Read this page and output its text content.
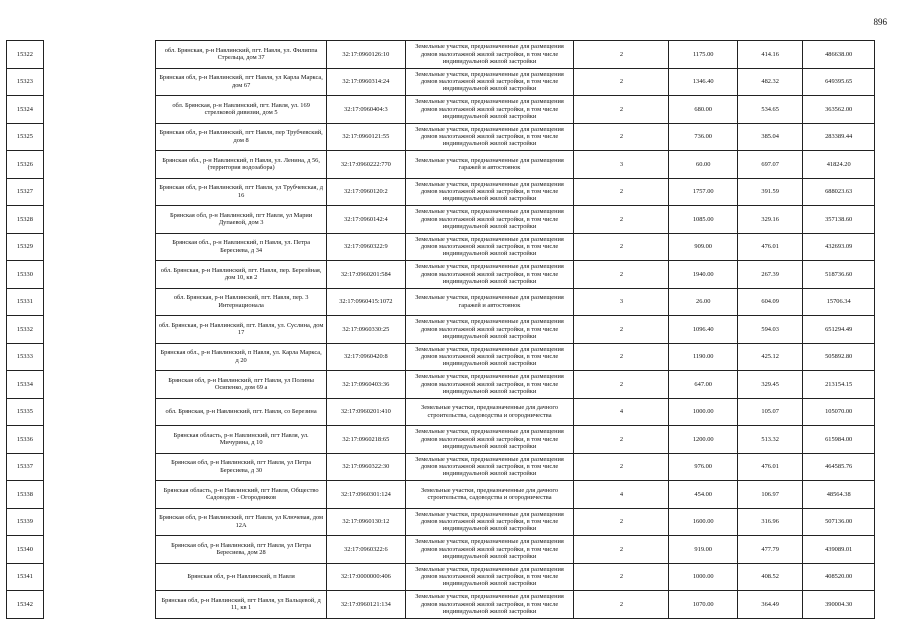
896
15322		обл. Брянская, р-н Навлинский, пгт. Навля, ул. Филиппа Стрельца, дом 37	32:17:0960126:10	Земельные участки, предназначенные для размещения домов малоэтажной жилой застройки, в том числе индивидуальной жилой застройки	2	1175.00	414.16	486638.00
15323		Брянская обл, р-н Навлинский, пгт Навля, ул Карла Маркса, дом 67	32:17:0960314:24	Земельные участки, предназначенные для размещения домов малоэтажной жилой застройки, в том числе индивидуальной жилой застройки	2	1346.40	482.32	649395.65
15324		обл. Брянская, р-н Навлинский, пгт. Навля, ул. 169 стрелковой дивизии, дом 5	32:17:0960404:3	Земельные участки, предназначенные для размещения домов малоэтажной жилой застройки, в том числе индивидуальной жилой застройки	2	680.00	534.65	363562.00
15325		Брянская обл, р-н Навлинский, пгт Навля, пер Трубчевский, дом 8	32:17:0960121:55	Земельные участки, предназначенные для размещения домов малоэтажной жилой застройки, в том числе индивидуальной жилой застройки	2	736.00	385.04	283389.44
15326		Брянская обл., р-н Навлинский, п Навля, ул. Ленина, д 56, (территория водозабора)	32:17:0960222:770	Земельные участки, предназначенные для размещения гаражей и автостоянок	3	60.00	697.07	41824.20
15327		Брянская обл, р-н Навлинский, пгт Навля, ул Трубчевская, д 16	32:17:0960120:2	Земельные участки, предназначенные для размещения домов малоэтажной жилой застройки, в том числе индивидуальной жилой застройки	2	1757.00	391.59	688023.63
15328		Брянская обл, р-н Навлинский, пгт Навля, ул Марии Дупаевой, дом 3	32:17:0960142:4	Земельные участки, предназначенные для размещения домов малоэтажной жилой застройки, в том числе индивидуальной жилой застройки	2	1085.00	329.16	357138.60
15329		Брянская обл., р-н Навлинский, п Навля, ул. Петра Бересиева, д 34	32:17:0960322:9	Земельные участки, предназначенные для размещения домов малоэтажной жилой застройки, в том числе индивидуальной жилой застройки	2	909.00	476.01	432693.09
15330		обл. Брянская, р-н Навлинский, пгт. Навля, пер. Березйная, дом 10, кв 2	32:17:0960201:584	Земельные участки, предназначенные для размещения домов малоэтажной жилой застройки, в том числе индивидуальной жилой застройки	2	1940.00	267.39	518736.60
15331		обл. Брянская, р-н Навлинский, пгт. Навля, пер. 3 Интернационала	32:17:0960415:1072	Земельные участки, предназначенные для размещения гаражей и автостоянок	3	26.00	604.09	15706.34
15332		обл. Брянская, р-н Навлинский, пгт. Навля, ул. Суслина, дом 17	32:17:0960330:25	Земельные участки, предназначенные для размещения домов малоэтажной жилой застройки, в том числе индивидуальной жилой застройки	2	1096.40	594.03	651294.49
15333		Брянская обл., р-н Навлинский, п Навля, ул. Карла Маркса, д 20	32:17:0960420:8	Земельные участки, предназначенные для размещения домов малоэтажной жилой застройки, в том числе индивидуальной жилой застройки	2	1190.00	425.12	505892.80
15334		Брянская обл, р-н Навлинский, пгт Навля, ул Полины Осипенко, дом 69 а	32:17:0960403:36	Земельные участки, предназначенные для размещения домов малоэтажной жилой застройки, в том числе индивидуальной жилой застройки	2	647.00	329.45	213154.15
15335		обл. Брянская, р-н Навлинский, пгт. Навля, со Березина	32:17:0960201:410	Земельные участки, предназначенные для дачного строительства, садоводства и огородничества	4	1000.00	105.07	105070.00
15336		Брянская область, р-н Навлинский, пгт Навля, ул. Мичурина, д 10	32:17:0960218:65	Земельные участки, предназначенные для размещения домов малоэтажной жилой застройки, в том числе индивидуальной жилой застройки	2	1200.00	513.32	615984.00
15337		Брянская обл, р-н Навлинский, пгт Навля, ул Петра Бересиева, д 30	32:17:0960322:30	Земельные участки, предназначенные для размещения домов малоэтажной жилой застройки, в том числе индивидуальной жилой застройки	2	976.00	476.01	464585.76
15338		Брянская область, р-н Навлинский, пгт Навля, Общество Садоводов - Огородников	32:17:0960301:124	Земельные участки, предназначенные для дачного строительства, садоводства и огородничества	4	454.00	106.97	48564.38
15339		Брянская обл, р-н Навлинский, пгт Навля, ул Ключевая, дом 12А	32:17:0960130:12	Земельные участки, предназначенные для размещения домов малоэтажной жилой застройки, в том числе индивидуальной жилой застройки	2	1600.00	316.96	507136.00
15340		Брянская обл, р-н Навлинский, пгт Навля, ул Петра Бересиева, дом 28	32:17:0960322:6	Земельные участки, предназначенные для размещения домов малоэтажной жилой застройки, в том числе индивидуальной жилой застройки	2	919.00	477.79	439089.01
15341		Брянская обл, р-н Навлинский, п Навля	32:17:0000000:406	Земельные участки, предназначенные для размещения домов малоэтажной жилой застройки, в том числе индивидуальной жилой застройки	2	1000.00	408.52	408520.00
15342		Брянская обл, р-н Навлинский, пгт Навля, ул Вальцевой, д 11, кв 1	32:17:0960121:134	Земельные участки, предназначенные для размещения домов малоэтажной жилой застройки, в том числе индивидуальной жилой застройки	2	1070.00	364.49	390004.30
